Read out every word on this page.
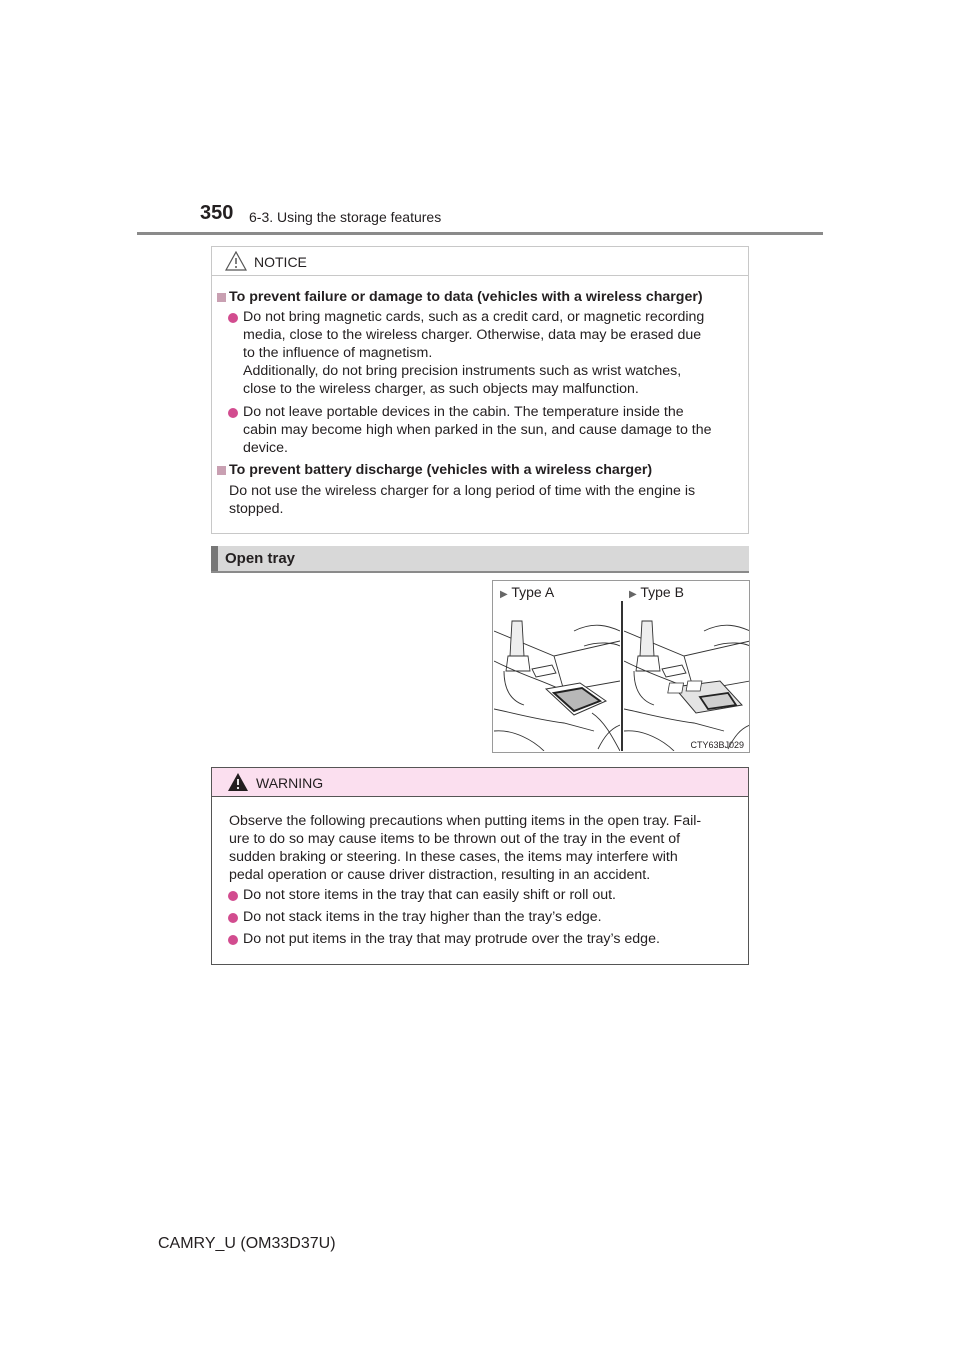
350 6-3. Using the storage features
NOTICE
To prevent failure or damage to data (vehicles with a wireless charger)
Do not bring magnetic cards, such as a credit card, or magnetic recording
media, close to the wireless charger. Otherwise, data may be erased due
to the influence of magnetism.
Additionally, do not bring precision instruments such as wrist watches,
close to the wireless charger, as such objects may malfunction.
Do not leave portable devices in the cabin. The temperature inside the
cabin may become high when parked in the sun, and cause damage to the
device.
To prevent battery discharge (vehicles with a wireless charger)
Do not use the wireless charger for a long period of time with the engine is
stopped.
Open tray
▶ Type A	▶ Type B
CTY63BJ029
WARNING
Observe the following precautions when putting items in the open tray. Fail-
ure to do so may cause items to be thrown out of the tray in the event of
sudden braking or steering. In these cases, the items may interfere with
pedal operation or cause driver distraction, resulting in an accident.
Do not store items in the tray that can easily shift or roll out.
Do not stack items in the tray higher than the tray’s edge.
Do not put items in the tray that may protrude over the tray’s edge.
CAMRY_U (OM33D37U)
